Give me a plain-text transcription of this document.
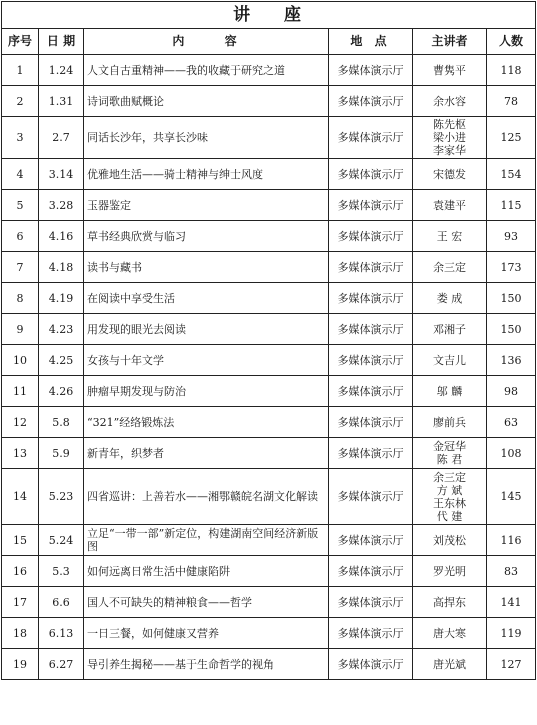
讲 座					
序号	日 期	内 容	地 点	主讲者	人数
1	1.24	人文自古重精神——我的收藏于研究之道	多媒体演示厅	曹隽平	118
2	1.31	诗词歌曲赋概论	多媒体演示厅	余水容	78
3	2.7	同话长沙年，共享长沙味	多媒体演示厅	陈先枢
梁小进
李家华	125
4	3.14	优雅地生活——骑士精神与绅士风度	多媒体演示厅	宋德发	154
5	3.28	玉器鉴定	多媒体演示厅	袁建平	115
6	4.16	草书经典欣赏与临习	多媒体演示厅	王 宏	93
7	4.18	读书与藏书	多媒体演示厅	余三定	173
8	4.19	在阅读中享受生活	多媒体演示厅	娄 成	150
9	4.23	用发现的眼光去阅读	多媒体演示厅	邓湘子	150
10	4.25	女孩与十年文学	多媒体演示厅	文吉儿	136
11	4.26	肿瘤早期发现与防治	多媒体演示厅	邬 麟	98
12	5.8	“321”经络锻炼法	多媒体演示厅	廖前兵	63
13	5.9	新青年，织梦者	多媒体演示厅	金冠华
陈 君	108
14	5.23	四省巡讲：上善若水——湘鄂赣皖名湖文化解读	多媒体演示厅	余三定
方 斌
王东林
代 建	145
15	5.24	立足“一带一部”新定位，构建湖南空间经济新版图	多媒体演示厅	刘茂松	116
16	5.3	如何远离日常生活中健康陷阱	多媒体演示厅	罗光明	83
17	6.6	国人不可缺失的精神粮食——哲学	多媒体演示厅	高捍东	141
18	6.13	一日三餐，如何健康又营养	多媒体演示厅	唐大寒	119
19	6.27	导引养生揭秘——基于生命哲学的视角	多媒体演示厅	唐光斌	127
